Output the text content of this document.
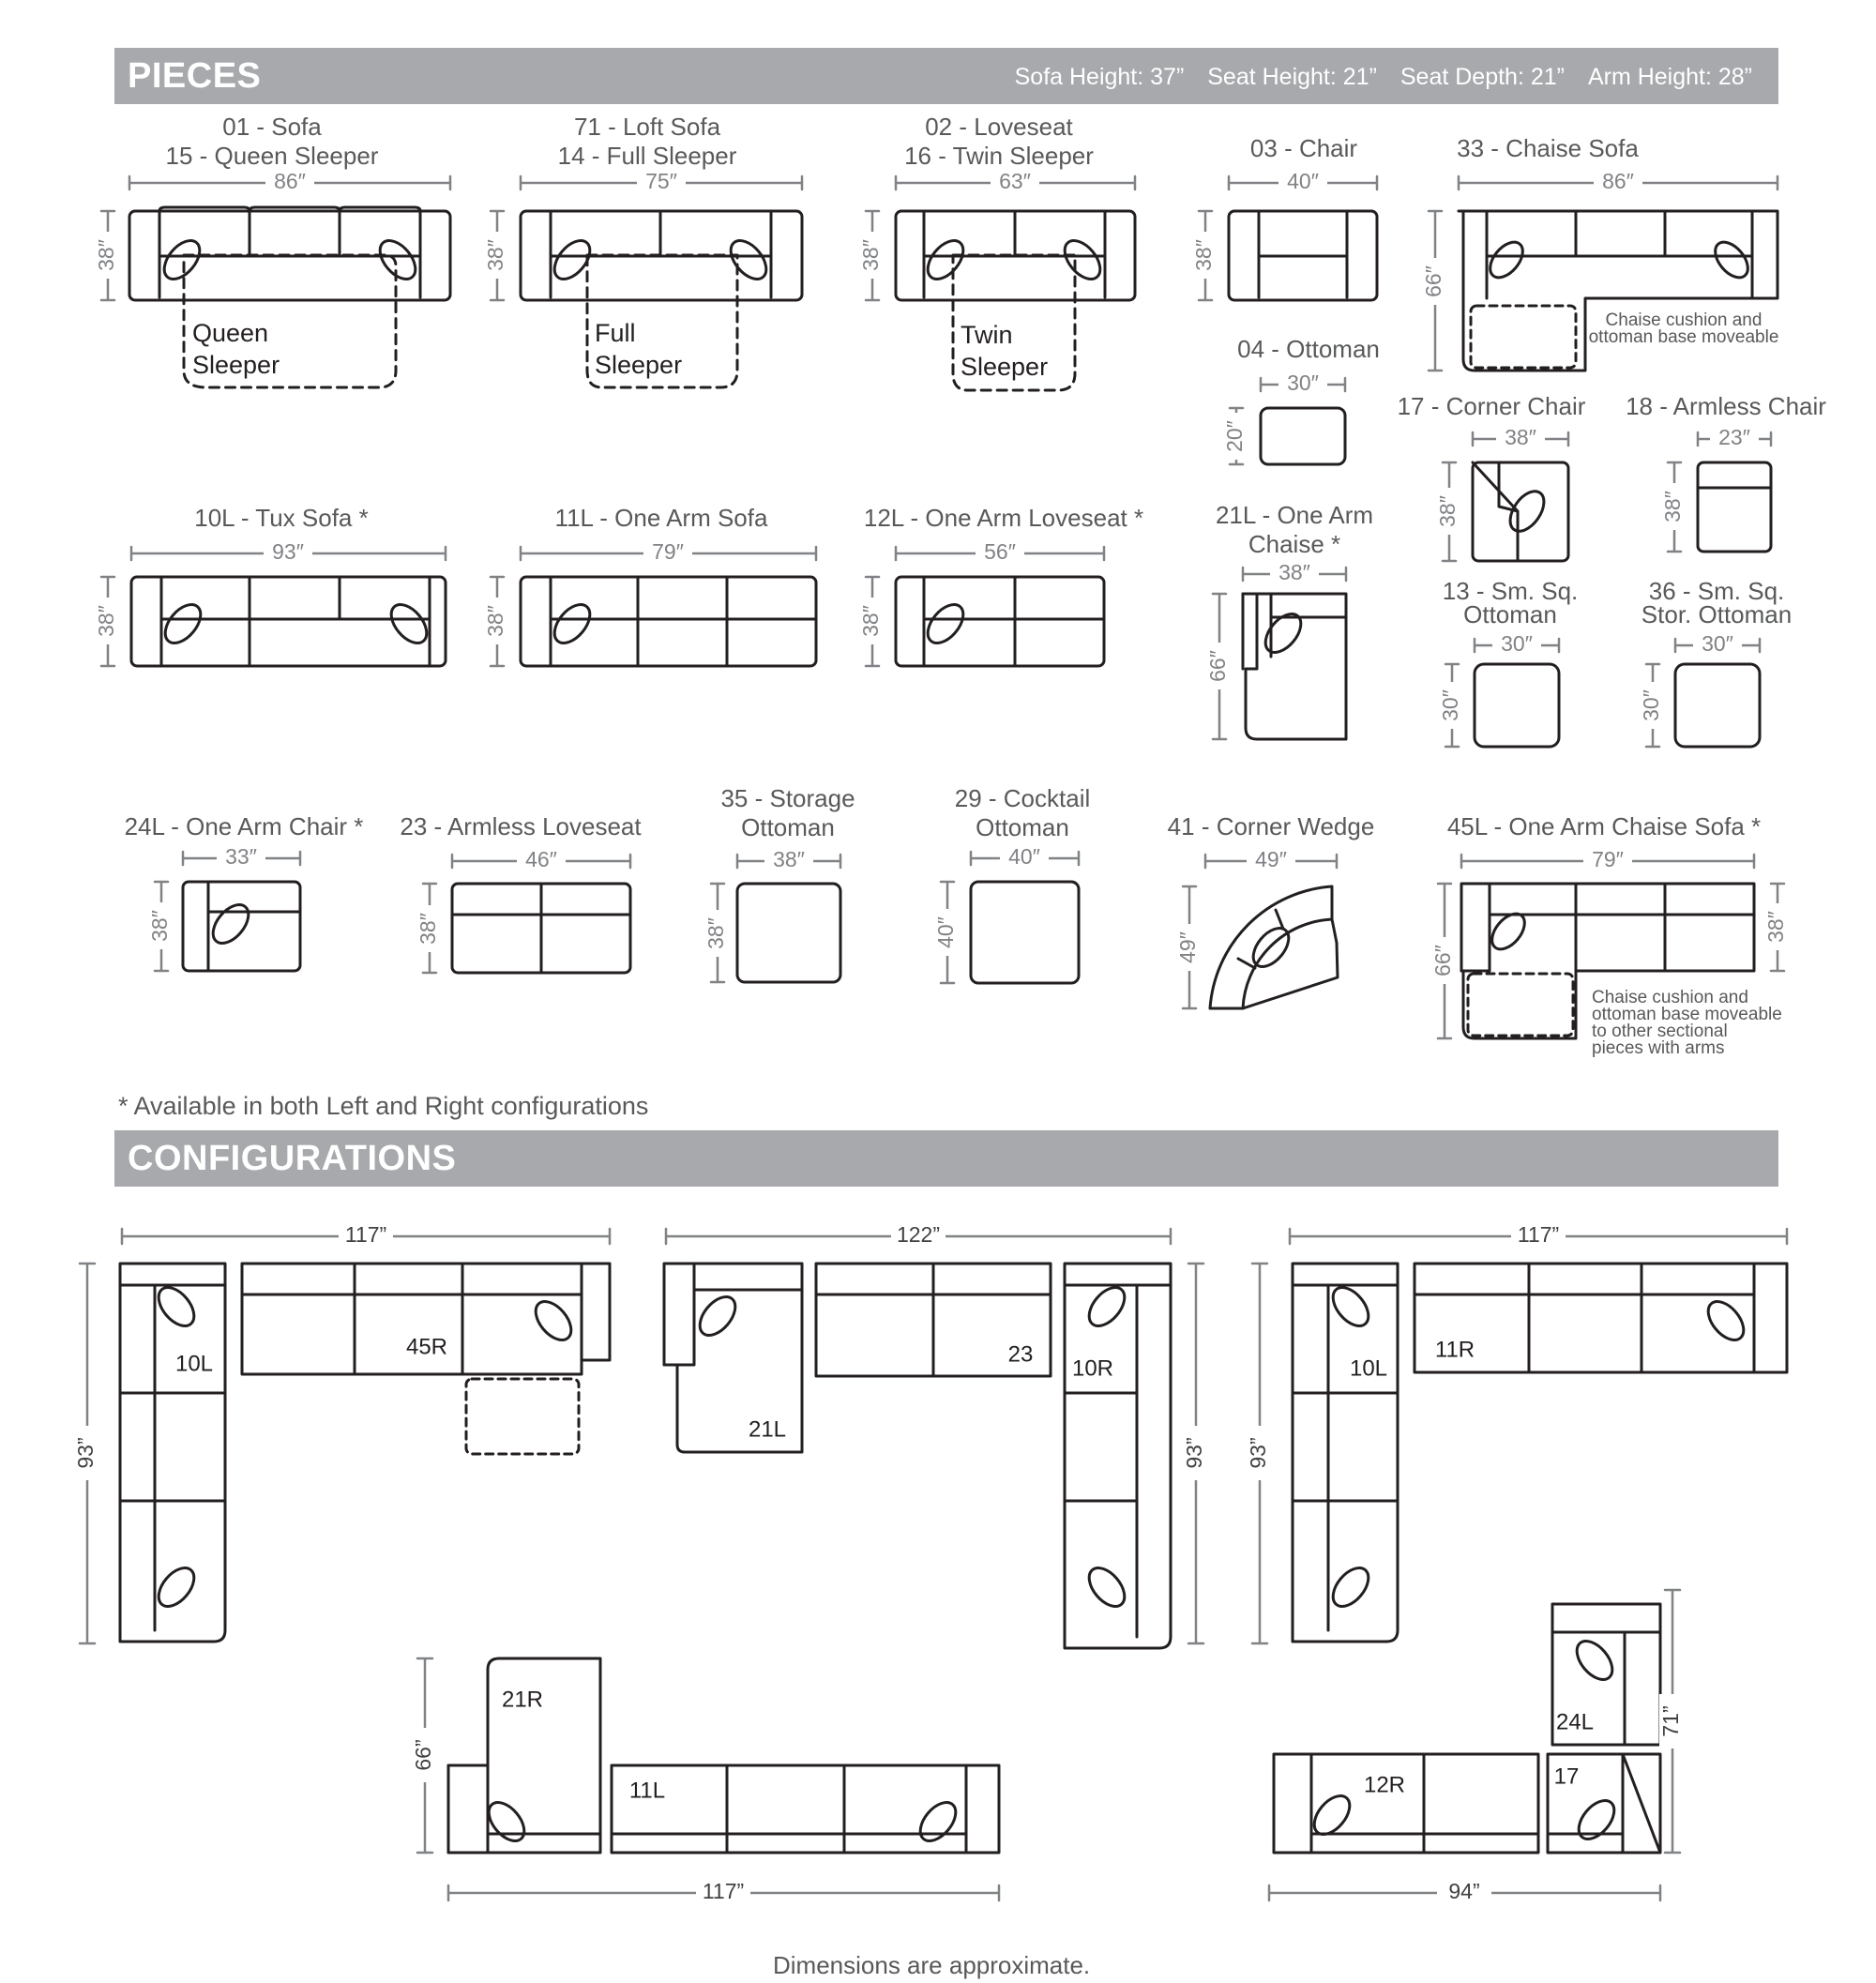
PIECES	Sofa Height: 37” Seat Height: 21” Seat Depth: 21” Arm Height: 28”
01 - Sofa
15 - Queen Sleeper
71 - Loft Sofa
14 - Full Sleeper
02 - Loveseat
16 - Twin Sleeper	03 - Chair	33 - Chaise Sofa
04 - Ottoman
17 - Corner Chair	18 - Armless Chair
10L - Tux Sofa *	11L - One Arm Sofa	12L - One Arm Loveseat *	21L - One Arm
Chaise *
13 - Sm. Sq.
Ottoman
36 - Sm. Sq.
Stor. Ottoman
24L - One Arm Chair *	23 - Armless Loveseat
35 - Storage
Ottoman
29 - Cocktail
Ottoman	41 - Corner Wedge	45L - One Arm Chaise Sofa *
Chaise cushion and
ottoman base moveable
Chaise cushion and
ottoman base moveable
to other sectional
pieces with arms
* Available in both Left and Right configurations
CONFIGURATIONS
Dimensions are approximate.
86″	75″	63″	40″	86″
30″
38″	23″
93″	79″	56″
38″
30″	30″
33″	46″	38″	40″	49″	79″
38″	38″	38″	38″
66″
20″
38″	38″
38″	38″	38″
66″
30″	30″
38″	38″	38″	40″	49″	66″
38″
117”	122”	117”
93”	93” 93”
66”
117”
71”
94”
10L
45R
21L
23
10R	10L
11R
21R
11L
24L
12R	17
Queen
Sleeper
Full
Sleeper
Twin
Sleeper
